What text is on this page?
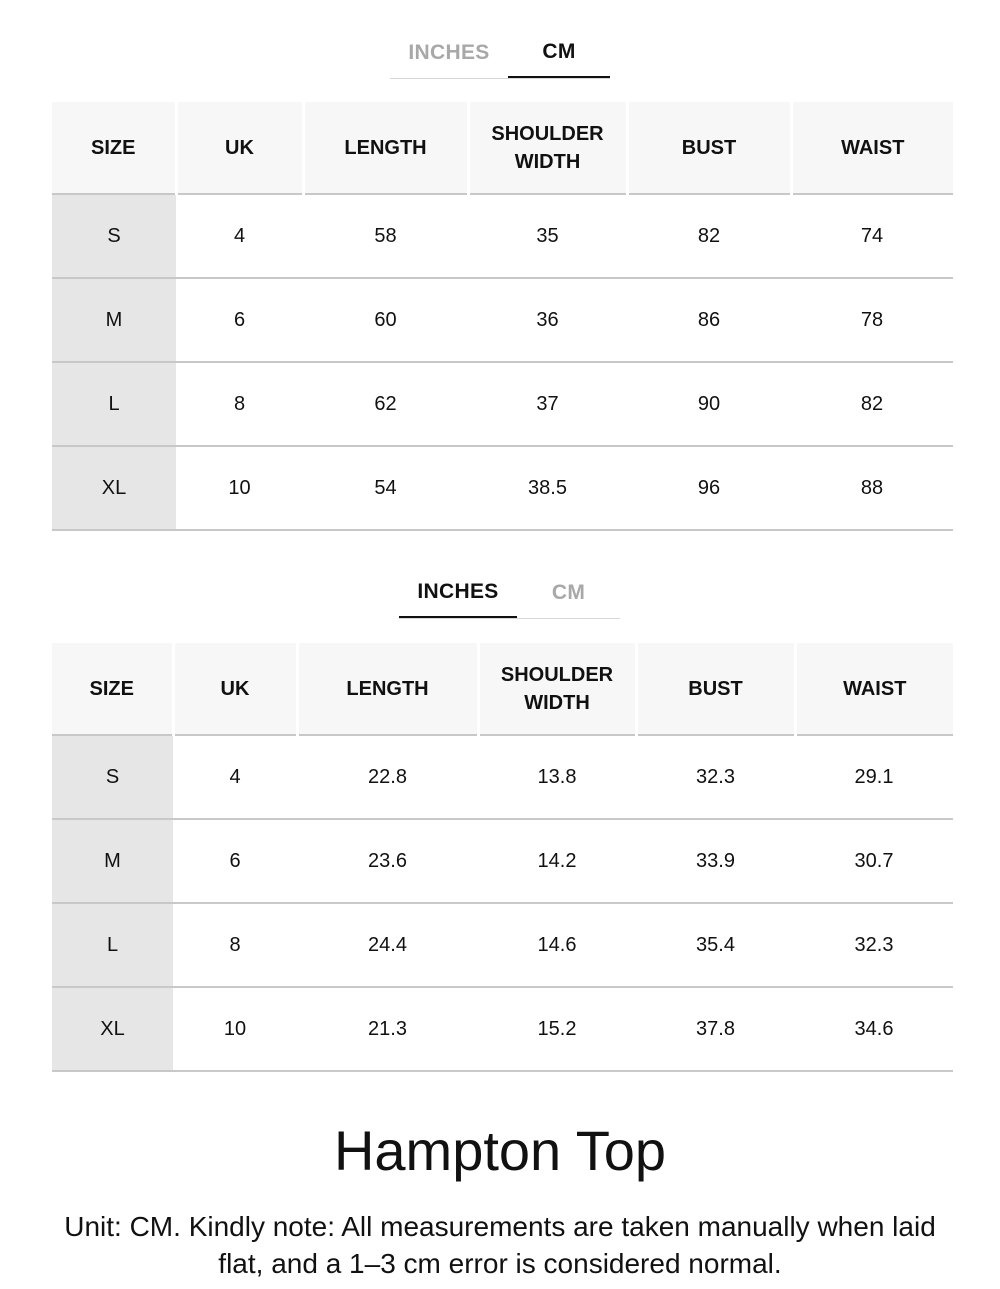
INCHES	CM
SIZE	UK	LENGTH	SHOULDER WIDTH	BUST	WAIST
S	4	58	35	82	74
M	6	60	36	86	78
L	8	62	37	90	82
XL	10	54	38.5	96	88
INCHES	CM
SIZE	UK	LENGTH	SHOULDER WIDTH	BUST	WAIST
S	4	22.8	13.8	32.3	29.1
M	6	23.6	14.2	33.9	30.7
L	8	24.4	14.6	35.4	32.3
XL	10	21.3	15.2	37.8	34.6
Hampton Top

Unit: CM. Kindly note: All measurements are taken manually when laid flat, and a 1–3 cm error is considered normal.
